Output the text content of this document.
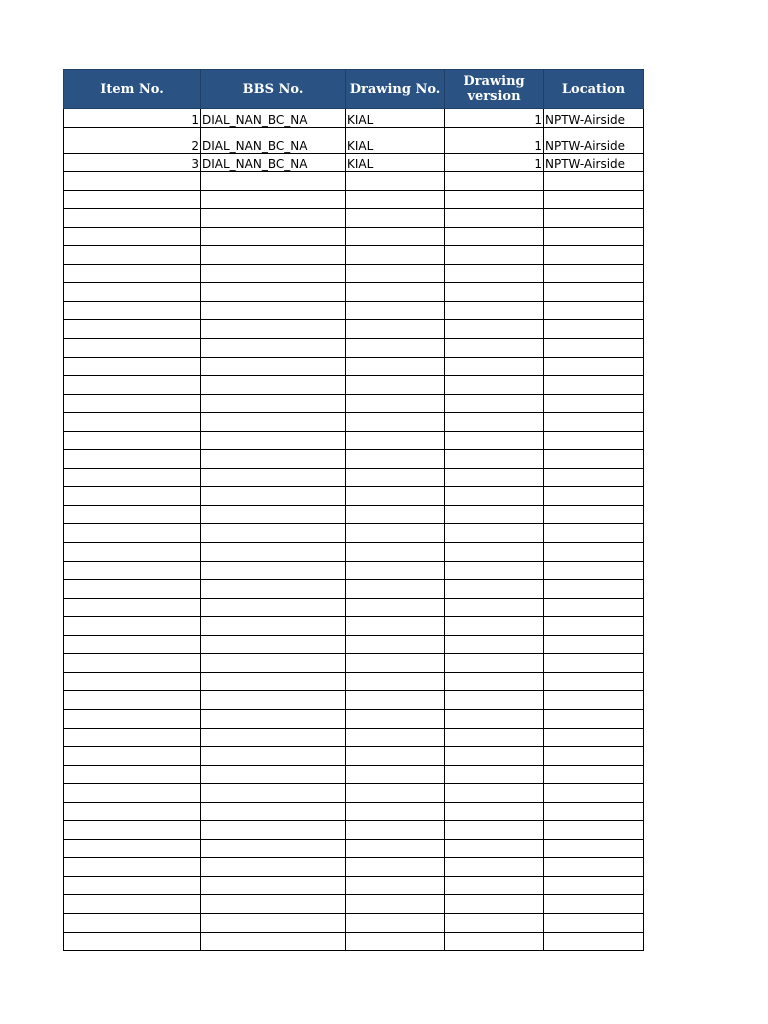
Item No.	BBS No.	Drawing No.	Drawing version	Location
1	DIAL_NAN_BC_NA	KIAL	1	NPTW-Airside
2	DIAL_NAN_BC_NA	KIAL	1	NPTW-Airside
3	DIAL_NAN_BC_NA	KIAL	1	NPTW-Airside
